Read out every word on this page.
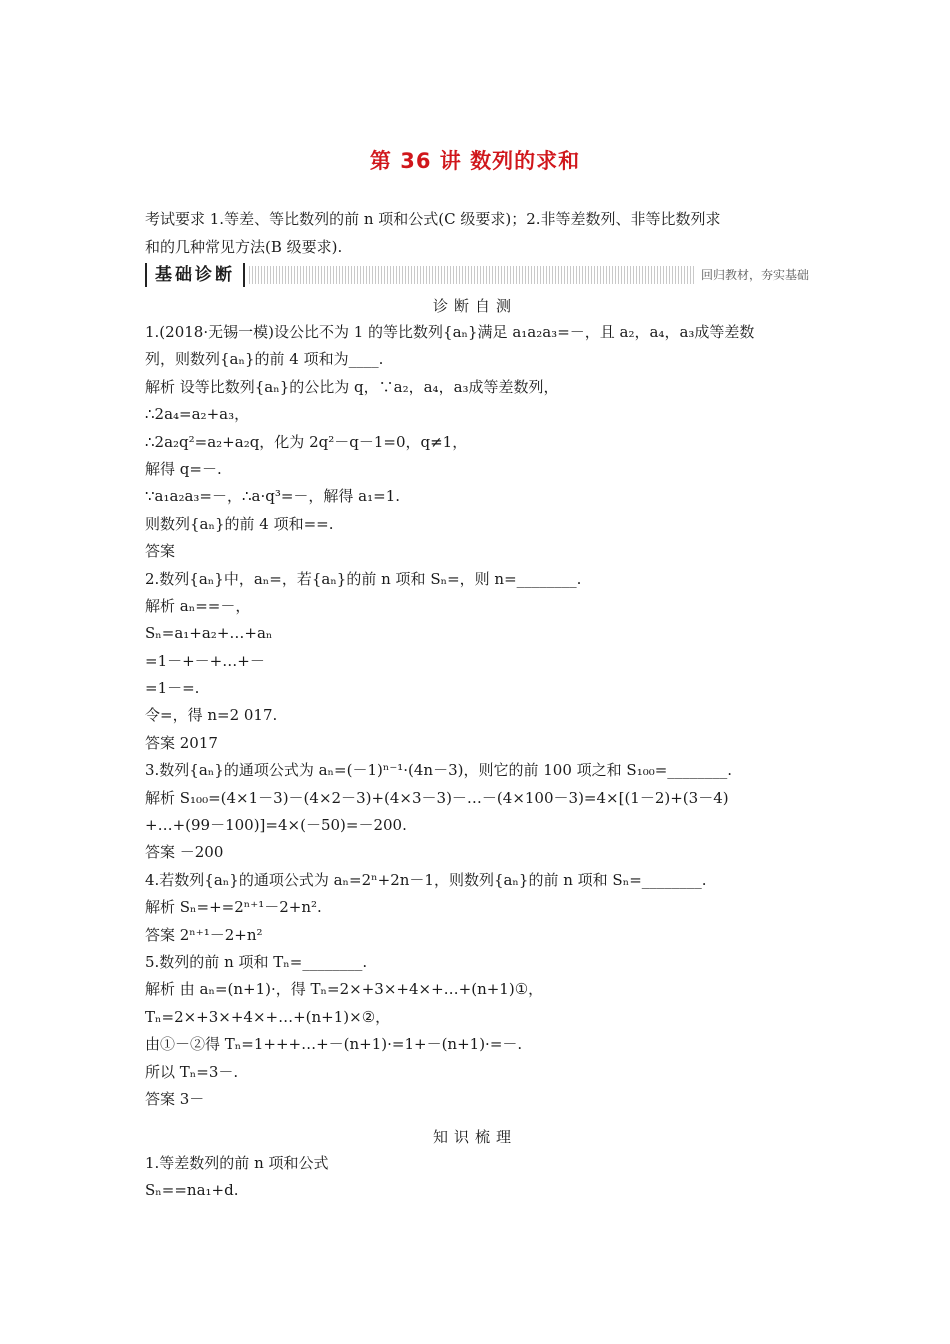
第 36 讲 数列的求和
考试要求 1.等差、等比数列的前 n 项和公式(C 级要求)；2.非等差数列、非等比数列求
和的几种常见方法(B 级要求).
基础诊断	回归教材，夯实基础
诊断自测
1.(2018·无锡一模)设公比不为 1 的等比数列{aₙ}满足 a₁a₂a₃=－，且 a₂，a₄，a₃成等差数
列，则数列{aₙ}的前 4 项和为____.
解析 设等比数列{aₙ}的公比为 q，∵a₂，a₄，a₃成等差数列，
∴2a₄=a₂+a₃，
∴2a₂q²=a₂+a₂q，化为 2q²－q－1=0，q≠1，
解得 q=－.
∵a₁a₂a₃=－，∴a·q³=－，解得 a₁=1.
则数列{aₙ}的前 4 项和==.
答案
2.数列{aₙ}中，aₙ=，若{aₙ}的前 n 项和 Sₙ=，则 n=________.
解析 aₙ==－，
Sₙ=a₁+a₂+…+aₙ
=1－+－+…+－
=1－=.
令=，得 n=2 017.
答案 2017
3.数列{aₙ}的通项公式为 aₙ=(－1)ⁿ⁻¹·(4n－3)，则它的前 100 项之和 S₁₀₀=________.
解析 S₁₀₀=(4×1－3)－(4×2－3)+(4×3－3)－…－(4×100－3)=4×[(1－2)+(3－4)
+…+(99－100)]=4×(－50)=－200.
答案 －200
4.若数列{aₙ}的通项公式为 aₙ=2ⁿ+2n－1，则数列{aₙ}的前 n 项和 Sₙ=________.
解析 Sₙ=+=2ⁿ⁺¹－2+n².
答案 2ⁿ⁺¹－2+n²
5.数列的前 n 项和 Tₙ=________.
解析 由 aₙ=(n+1)·，得 Tₙ=2×+3×+4×+…+(n+1)①，
Tₙ=2×+3×+4×+…+(n+1)×②，
由①－②得 Tₙ=1+++…+－(n+1)·=1+－(n+1)·=－.
所以 Tₙ=3－.
答案 3－
知识梳理
1.等差数列的前 n 项和公式
Sₙ==na₁+d.
